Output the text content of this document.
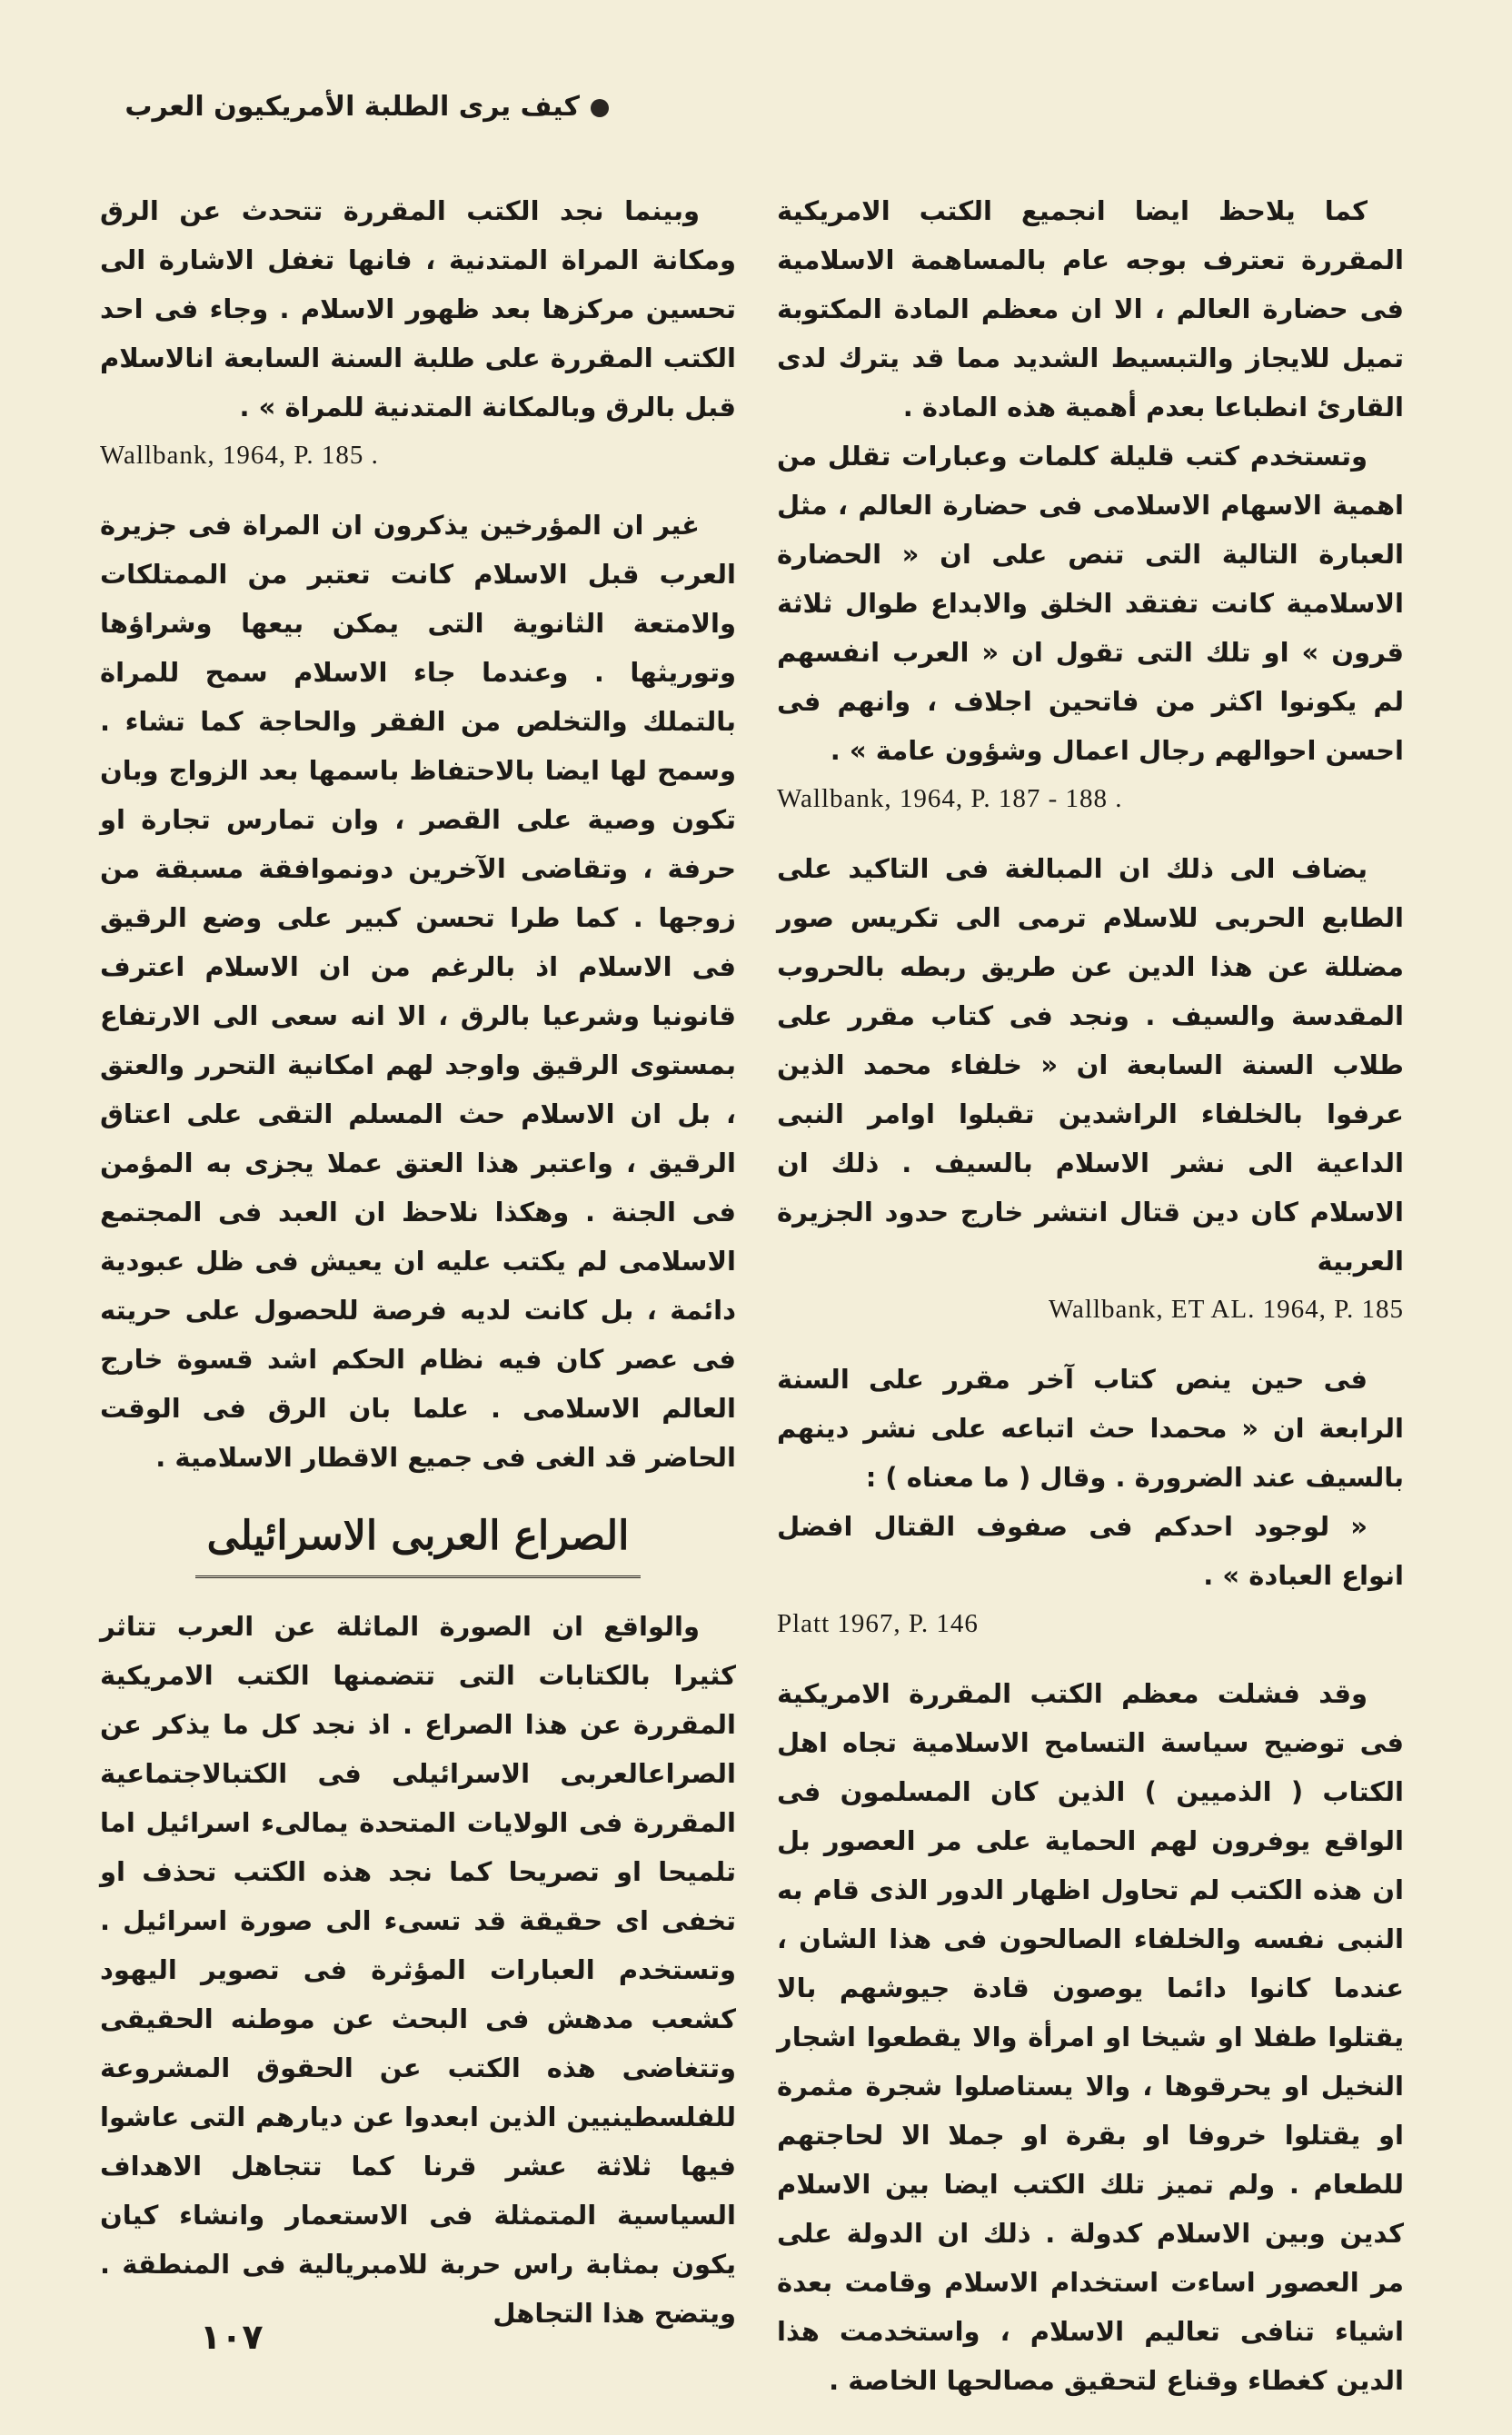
كيف يرى الطلبة الأمريكيون العرب

كما يلاحظ ايضا انجميع الكتب الامريكية المقررة تعترف بوجه عام بالمساهمة الاسلامية فى حضارة العالم ، الا ان معظم المادة المكتوبة تميل للايجاز والتبسيط الشديد مما قد يترك لدى القارئ انطباعا بعدم أهمية هذه المادة .

وتستخدم كتب قليلة كلمات وعبارات تقلل من اهمية الاسهام الاسلامى فى حضارة العالم ، مثل العبارة التالية التى تنص على ان « الحضارة الاسلامية كانت تفتقد الخلق والابداع طوال ثلاثة قرون » او تلك التى تقول ان « العرب انفسهم لم يكونوا اكثر من فاتحين اجلاف ، وانهم فى احسن احوالهم رجال اعمال وشؤون عامة » .

Wallbank, 1964, P. 187 - 188 .

يضاف الى ذلك ان المبالغة فى التاكيد على الطابع الحربى للاسلام ترمى الى تكريس صور مضللة عن هذا الدين عن طريق ربطه بالحروب المقدسة والسيف . ونجد فى كتاب مقرر على طلاب السنة السابعة ان « خلفاء محمد الذين عرفوا بالخلفاء الراشدين تقبلوا اوامر النبى الداعية الى نشر الاسلام بالسيف . ذلك ان الاسلام كان دين قتال انتشر خارج حدود الجزيرة العربية

Wallbank, ET AL. 1964, P. 185

فى حين ينص كتاب آخر مقرر على السنة الرابعة ان « محمدا حث اتباعه على نشر دينهم بالسيف عند الضرورة . وقال ( ما معناه ) :

« لوجود احدكم فى صفوف القتال افضل انواع العبادة » .

Platt 1967, P. 146

وقد فشلت معظم الكتب المقررة الامريكية فى توضيح سياسة التسامح الاسلامية تجاه اهل الكتاب ( الذميين ) الذين كان المسلمون فى الواقع يوفرون لهم الحماية على مر العصور بل ان هذه الكتب لم تحاول اظهار الدور الذى قام به النبى نفسه والخلفاء الصالحون فى هذا الشان ، عندما كانوا دائما يوصون قادة جيوشهم بالا يقتلوا طفلا او شيخا او امرأة والا يقطعوا اشجار النخيل او يحرقوها ، والا يستاصلوا شجرة مثمرة او يقتلوا خروفا او بقرة او جملا الا لحاجتهم للطعام . ولم تميز تلك الكتب ايضا بين الاسلام كدين وبين الاسلام كدولة . ذلك ان الدولة على مر العصور اساءت استخدام الاسلام وقامت بعدة اشياء تنافى تعاليم الاسلام ، واستخدمت هذا الدين كغطاء وقناع لتحقيق مصالحها الخاصة .

وبينما نجد الكتب المقررة تتحدث عن الرق ومكانة المراة المتدنية ، فانها تغفل الاشارة الى تحسين مركزها بعد ظهور الاسلام . وجاء فى احد الكتب المقررة على طلبة السنة السابعة انالاسلام قبل بالرق وبالمكانة المتدنية للمراة » .

Wallbank, 1964, P. 185 .

غير ان المؤرخين يذكرون ان المراة فى جزيرة العرب قبل الاسلام كانت تعتبر من الممتلكات والامتعة الثانوية التى يمكن بيعها وشراؤها وتوريثها . وعندما جاء الاسلام سمح للمراة بالتملك والتخلص من الفقر والحاجة كما تشاء . وسمح لها ايضا بالاحتفاظ باسمها بعد الزواج وبان تكون وصية على القصر ، وان تمارس تجارة او حرفة ، وتقاضى الآخرين دونموافقة مسبقة من زوجها . كما طرا تحسن كبير على وضع الرقيق فى الاسلام اذ بالرغم من ان الاسلام اعترف قانونيا وشرعيا بالرق ، الا انه سعى الى الارتفاع بمستوى الرقيق واوجد لهم امكانية التحرر والعتق ، بل ان الاسلام حث المسلم التقى على اعتاق الرقيق ، واعتبر هذا العتق عملا يجزى به المؤمن فى الجنة . وهكذا نلاحظ ان العبد فى المجتمع الاسلامى لم يكتب عليه ان يعيش فى ظل عبودية دائمة ، بل كانت لديه فرصة للحصول على حريته فى عصر كان فيه نظام الحكم اشد قسوة خارج العالم الاسلامى . علما بان الرق فى الوقت الحاضر قد الغى فى جميع الاقطار الاسلامية .

الصراع العربى الاسرائيلى

والواقع ان الصورة الماثلة عن العرب تتاثر كثيرا بالكتابات التى تتضمنها الكتب الامريكية المقررة عن هذا الصراع . اذ نجد كل ما يذكر عن الصراعالعربى الاسرائيلى فى الكتبالاجتماعية المقررة فى الولايات المتحدة يمالىء اسرائيل اما تلميحا او تصريحا كما نجد هذه الكتب تحذف او تخفى اى حقيقة قد تسىء الى صورة اسرائيل . وتستخدم العبارات المؤثرة فى تصوير اليهود كشعب مدهش فى البحث عن موطنه الحقيقى وتتغاضى هذه الكتب عن الحقوق المشروعة للفلسطينيين الذين ابعدوا عن ديارهم التى عاشوا فيها ثلاثة عشر قرنا كما تتجاهل الاهداف السياسية المتمثلة فى الاستعمار وانشاء كيان يكون بمثابة راس حربة للامبريالية فى المنطقة . ويتضح هذا التجاهل

١٠٧
